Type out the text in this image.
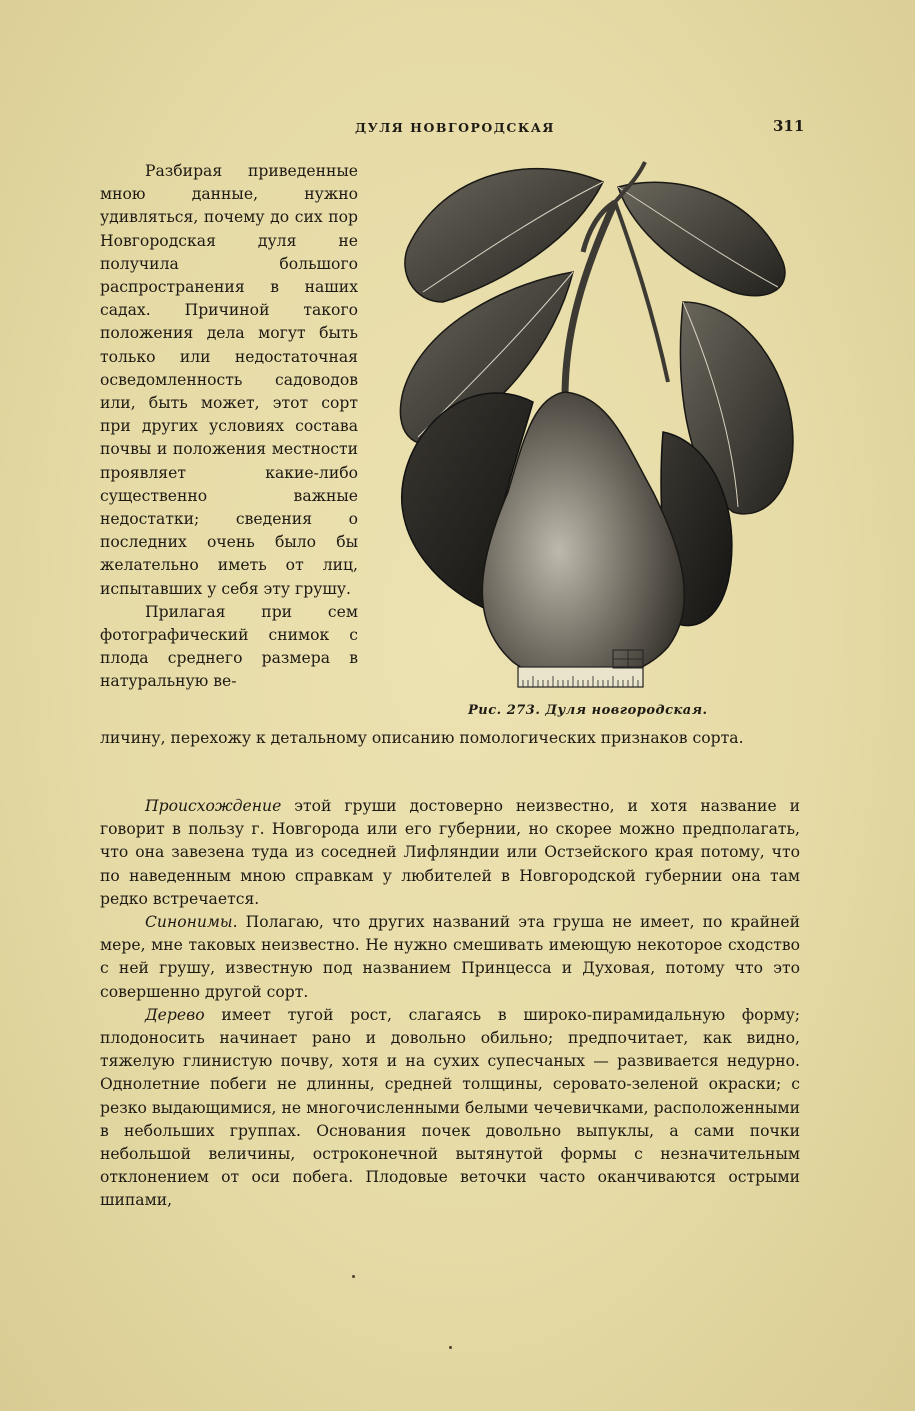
ДУЛЯ НОВГОРОДСКАЯ	311

Разбирая приведенные мною данные, нужно удивляться, почему до сих пор Новгородская дуля не получила большого распространения в наших садах. Причиной такого положения дела могут быть только или недостаточная осведомленность садоводов или, быть может, этот сорт при других условиях состава почвы и положения местности проявляет какие-либо существенно важные недостатки; сведения о последних очень было бы желательно иметь от лиц, испытавших у себя эту грушу.

Прилагая при сем фотографический снимок с плода среднего размера в натуральную ве-

Рис. 273. Дуля новгородская.
личину, перехожу к детальному описанию помологических признаков сорта.

Происхождение этой груши достоверно неизвестно, и хотя название и говорит в пользу г. Новгорода или его губернии, но скорее можно предполагать, что она завезена туда из соседней Лифляндии или Остзейского края потому, что по наведенным мною справкам у любителей в Новгородской губернии она там редко встречается.

Синонимы. Полагаю, что других названий эта груша не имеет, по крайней мере, мне таковых неизвестно. Не нужно смешивать имеющую некоторое сходство с ней грушу, известную под названием Принцесса и Духовая, потому что это совершенно другой сорт.

Дерево имеет тугой рост, слагаясь в широко-пирамидальную форму; плодоносить начинает рано и довольно обильно; предпочитает, как видно, тяжелую глинистую почву, хотя и на сухих супесчаных — развивается недурно. Однолетние побеги не длинны, средней толщины, серовато-зеленой окраски; с резко выдающимися, не многочисленными белыми чечевичками, расположенными в небольших группах. Основания почек довольно выпуклы, а сами почки небольшой величины, остроконечной вытянутой формы с незначительным отклонением от оси побега. Плодовые веточки часто оканчиваются острыми шипами,
